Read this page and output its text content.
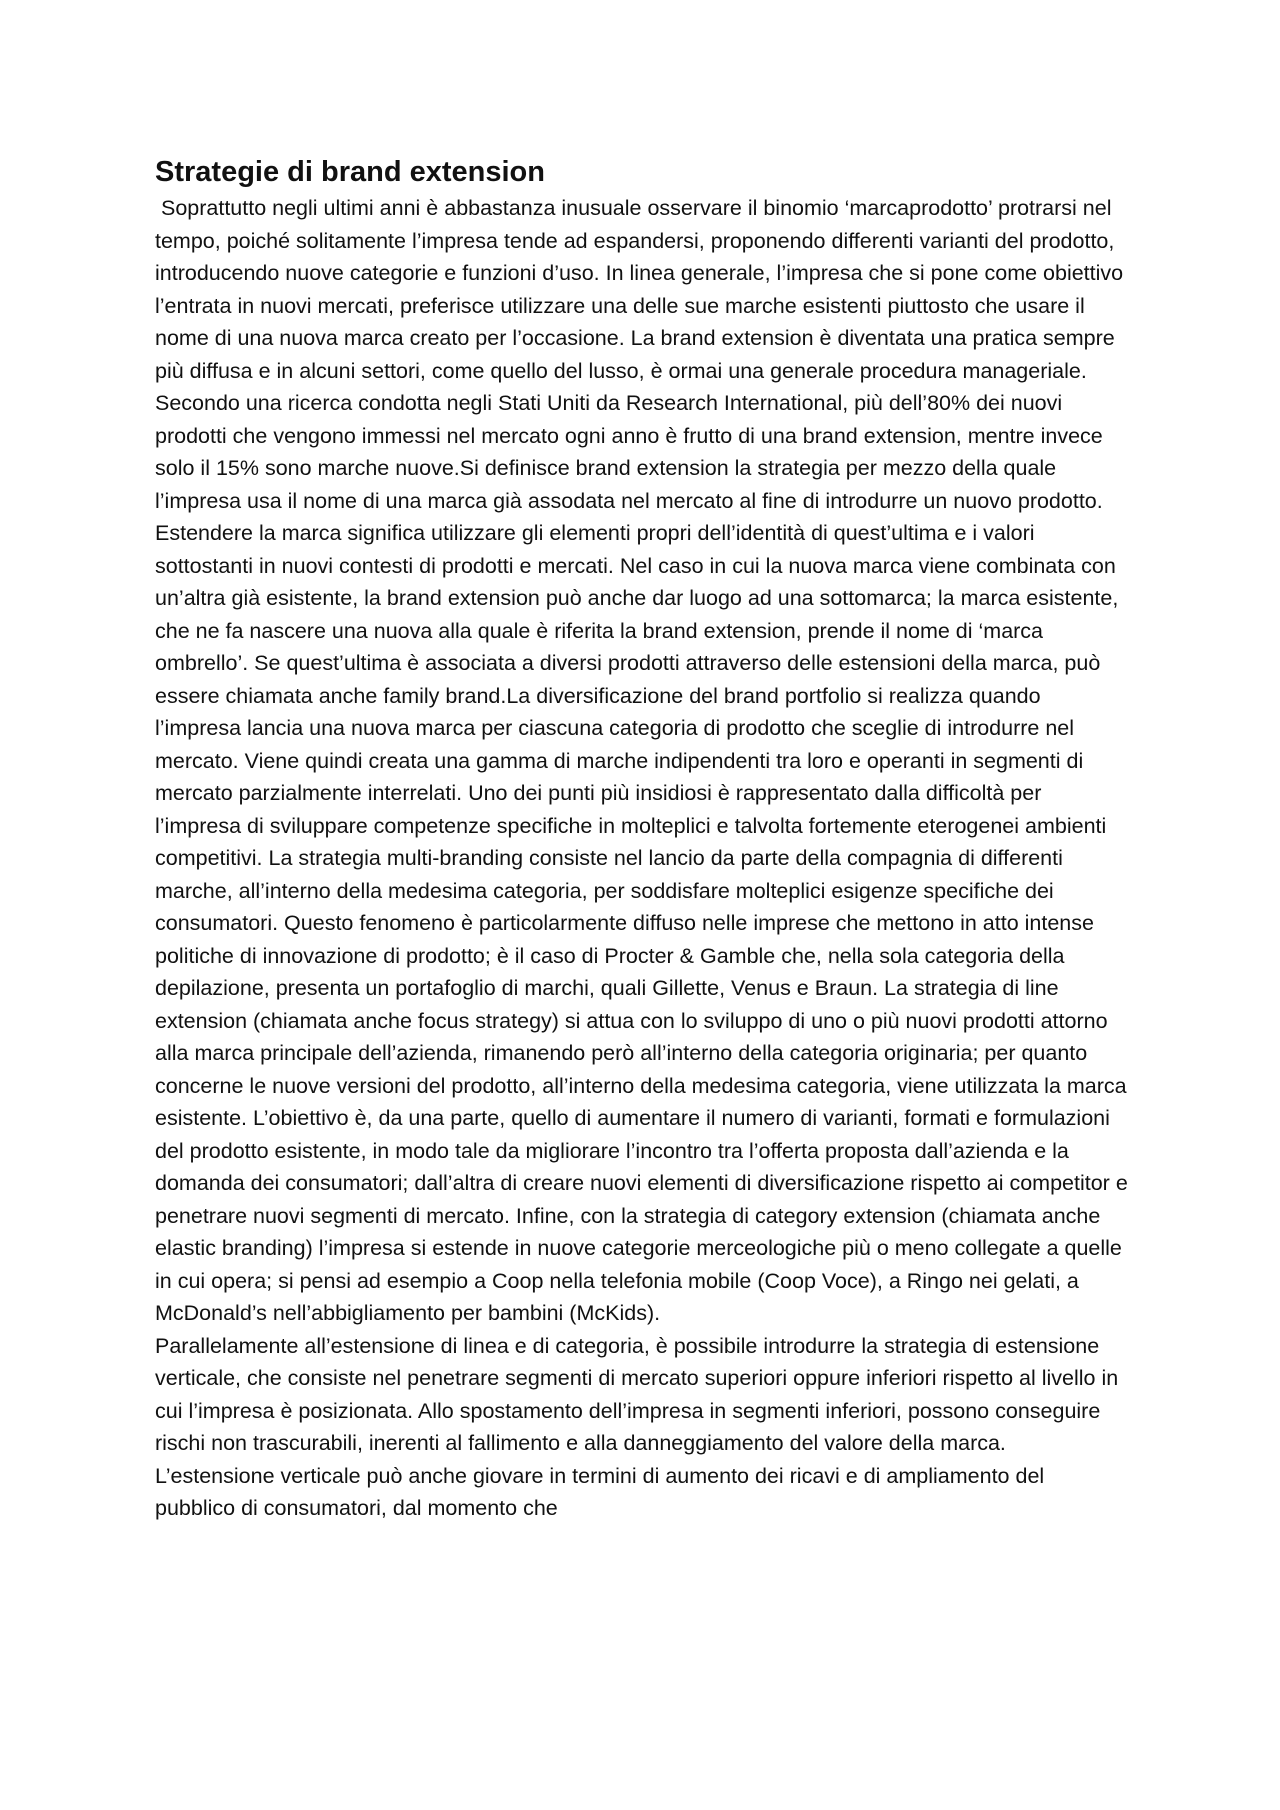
Strategie di brand extension

Soprattutto negli ultimi anni è abbastanza inusuale osservare il binomio ‘marcaprodotto’ protrarsi nel tempo, poiché solitamente l’impresa tende ad espandersi, proponendo differenti varianti del prodotto, introducendo nuove categorie e funzioni d’uso. In linea generale, l’impresa che si pone come obiettivo l’entrata in nuovi mercati, preferisce utilizzare una delle sue marche esistenti piuttosto che usare il nome di una nuova marca creato per l’occasione. La brand extension è diventata una pratica sempre più diffusa e in alcuni settori, come quello del lusso, è ormai una generale procedura manageriale. Secondo una ricerca condotta negli Stati Uniti da Research International, più dell’80% dei nuovi prodotti che vengono immessi nel mercato ogni anno è frutto di una brand extension, mentre invece solo il 15% sono marche nuove.Si definisce brand extension la strategia per mezzo della quale l’impresa usa il nome di una marca già assodata nel mercato al fine di introdurre un nuovo prodotto. Estendere la marca significa utilizzare gli elementi propri dell’identità di quest’ultima e i valori sottostanti in nuovi contesti di prodotti e mercati. Nel caso in cui la nuova marca viene combinata con un’altra già esistente, la brand extension può anche dar luogo ad una sottomarca; la marca esistente, che ne fa nascere una nuova alla quale è riferita la brand extension, prende il nome di ‘marca ombrello’. Se quest’ultima è associata a diversi prodotti attraverso delle estensioni della marca, può essere chiamata anche family brand.La diversificazione del brand portfolio si realizza quando l’impresa lancia una nuova marca per ciascuna categoria di prodotto che sceglie di introdurre nel mercato. Viene quindi creata una gamma di marche indipendenti tra loro e operanti in segmenti di mercato parzialmente interrelati. Uno dei punti più insidiosi è rappresentato dalla difficoltà per l’impresa di sviluppare competenze specifiche in molteplici e talvolta fortemente eterogenei ambienti competitivi. La strategia multi-branding consiste nel lancio da parte della compagnia di differenti marche, all’interno della medesima categoria, per soddisfare molteplici esigenze specifiche dei consumatori. Questo fenomeno è particolarmente diffuso nelle imprese che mettono in atto intense politiche di innovazione di prodotto; è il caso di Procter & Gamble che, nella sola categoria della depilazione, presenta un portafoglio di marchi, quali Gillette, Venus e Braun. La strategia di line extension (chiamata anche focus strategy) si attua con lo sviluppo di uno o più nuovi prodotti attorno alla marca principale dell’azienda, rimanendo però all’interno della categoria originaria; per quanto concerne le nuove versioni del prodotto, all’interno della medesima categoria, viene utilizzata la marca esistente. L’obiettivo è, da una parte, quello di aumentare il numero di varianti, formati e formulazioni del prodotto esistente, in modo tale da migliorare l’incontro tra l’offerta proposta dall’azienda e la domanda dei consumatori; dall’altra di creare nuovi elementi di diversificazione rispetto ai competitor e penetrare nuovi segmenti di mercato. Infine, con la strategia di category extension (chiamata anche elastic branding) l’impresa si estende in nuove categorie merceologiche più o meno collegate a quelle in cui opera; si pensi ad esempio a Coop nella telefonia mobile (Coop Voce), a Ringo nei gelati, a McDonald’s nell’abbigliamento per bambini (McKids).

Parallelamente all’estensione di linea e di categoria, è possibile introdurre la strategia di estensione verticale, che consiste nel penetrare segmenti di mercato superiori oppure inferiori rispetto al livello in cui l’impresa è posizionata. Allo spostamento dell’impresa in segmenti inferiori, possono conseguire rischi non trascurabili, inerenti al fallimento e alla danneggiamento del valore della marca. L’estensione verticale può anche giovare in termini di aumento dei ricavi e di ampliamento del pubblico di consumatori, dal momento che
